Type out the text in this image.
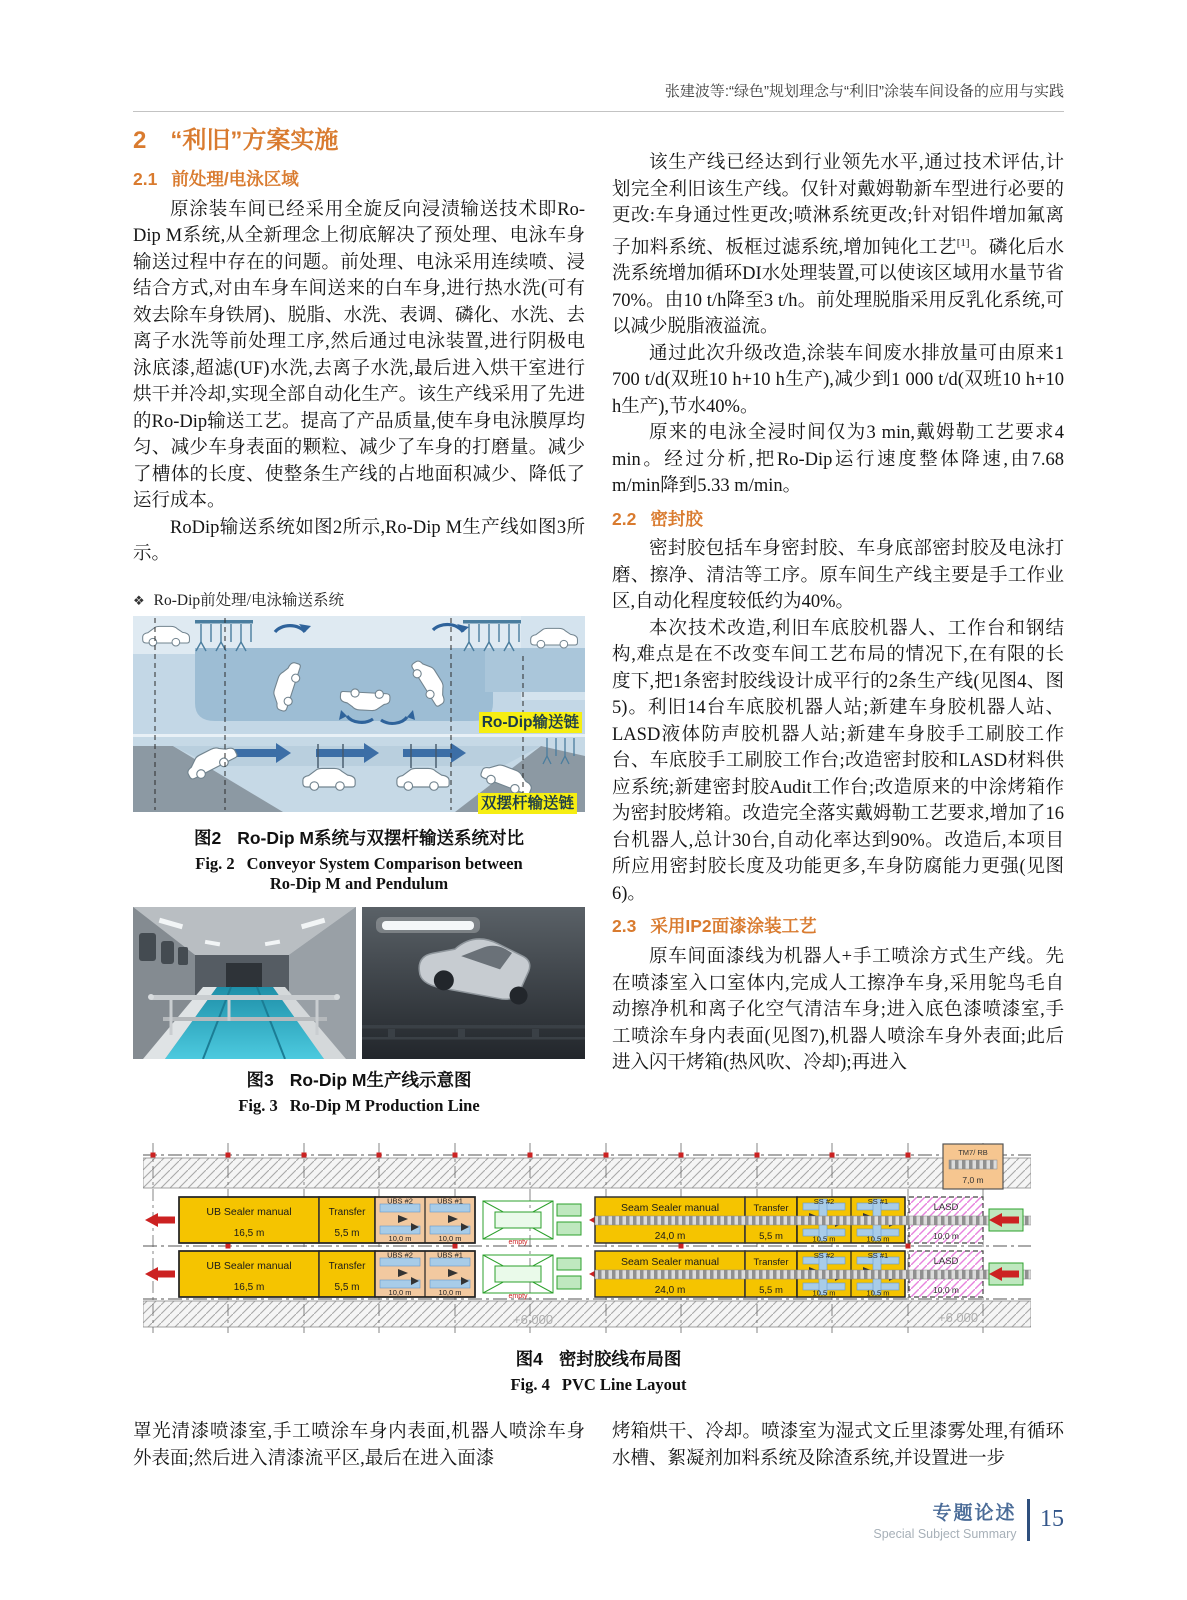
张建波等:“绿色”规划理念与“利旧”涂装车间设备的应用与实践
2 “利旧”方案实施
2.1 前处理/电泳区域

原涂装车间已经采用全旋反向浸渍输送技术即Ro-Dip M系统,从全新理念上彻底解决了预处理、电泳车身输送过程中存在的问题。前处理、电泳采用连续喷、浸结合方式,对由车身车间送来的白车身,进行热水洗(可有效去除车身铁屑)、脱脂、水洗、表调、磷化、水洗、去离子水洗等前处理工序,然后通过电泳装置,进行阴极电泳底漆,超滤(UF)水洗,去离子水洗,最后进入烘干室进行烘干并冷却,实现全部自动化生产。该生产线采用了先进的Ro-Dip输送工艺。提高了产品质量,使车身电泳膜厚均匀、减少车身表面的颗粒、减少了车身的打磨量。减少了槽体的长度、使整条生产线的占地面积减少、降低了运行成本。

RoDip输送系统如图2所示,Ro-Dip M生产线如图3所示。

❖ Ro-Dip前处理/电泳输送系统
Ro-Dip输送链
双摆杆输送链
图2 Ro-Dip M系统与双摆杆输送系统对比
Fig. 2 Conveyor System Comparison between Ro-Dip M and Pendulum
图3 Ro-Dip M生产线示意图
Fig. 3 Ro-Dip M Production Line

该生产线已经达到行业领先水平,通过技术评估,计划完全利旧该生产线。仅针对戴姆勒新车型进行必要的更改:车身通过性更改;喷淋系统更改;针对铝件增加氟离子加料系统、板框过滤系统,增加钝化工艺[1]。磷化后水洗系统增加循环DI水处理装置,可以使该区域用水量节省70%。由10 t/h降至3 t/h。前处理脱脂采用反乳化系统,可以减少脱脂液溢流。

通过此次升级改造,涂装车间废水排放量可由原来1 700 t/d(双班10 h+10 h生产),减少到1 000 t/d(双班10 h+10 h生产),节水40%。

原来的电泳全浸时间仅为3 min,戴姆勒工艺要求4 min。经过分析,把Ro-Dip运行速度整体降速,由7.68 m/min降到5.33 m/min。

2.2 密封胶

密封胶包括车身密封胶、车身底部密封胶及电泳打磨、擦净、清洁等工序。原车间生产线主要是手工作业区,自动化程度较低约为40%。

本次技术改造,利旧车底胶机器人、工作台和钢结构,难点是在不改变车间工艺布局的情况下,在有限的长度下,把1条密封胶线设计成平行的2条生产线(见图4、图5)。利旧14台车底胶机器人站;新建车身胶机器人站、LASD液体防声胶机器人站;新建车身胶手工刷胶工作台、车底胶手工刷胶工作台;改造密封胶和LASD材料供应系统;新建密封胶Audit工作台;改造原来的中涂烤箱作为密封胶烤箱。改造完全落实戴姆勒工艺要求,增加了16台机器人,总计30台,自动化率达到90%。改造后,本项目所应用密封胶长度及功能更多,车身防腐能力更强(见图6)。

2.3 采用IP2面漆涂装工艺

原车间面漆线为机器人+手工喷涂方式生产线。先在喷漆室入口室体内,完成人工擦净车身,采用鸵鸟毛自动擦净机和离子化空气清洁车身;进入底色漆喷漆室,手工喷涂车身内表面(见图7),机器人喷涂车身外表面;此后进入闪干烤箱(热风吹、冷却);再进入

TM7/ RB
7,0 m
+6.000	+6.000
图4 密封胶线布局图
Fig. 4 PVC Line Layout

罩光清漆喷漆室,手工喷涂车身内表面,机器人喷涂车身外表面;然后进入清漆流平区,最后在进入面漆

烤箱烘干、冷却。喷漆室为湿式文丘里漆雾处理,有循环水槽、絮凝剂加料系统及除渣系统,并设置进一步

专题论述
Special Subject Summary
15
